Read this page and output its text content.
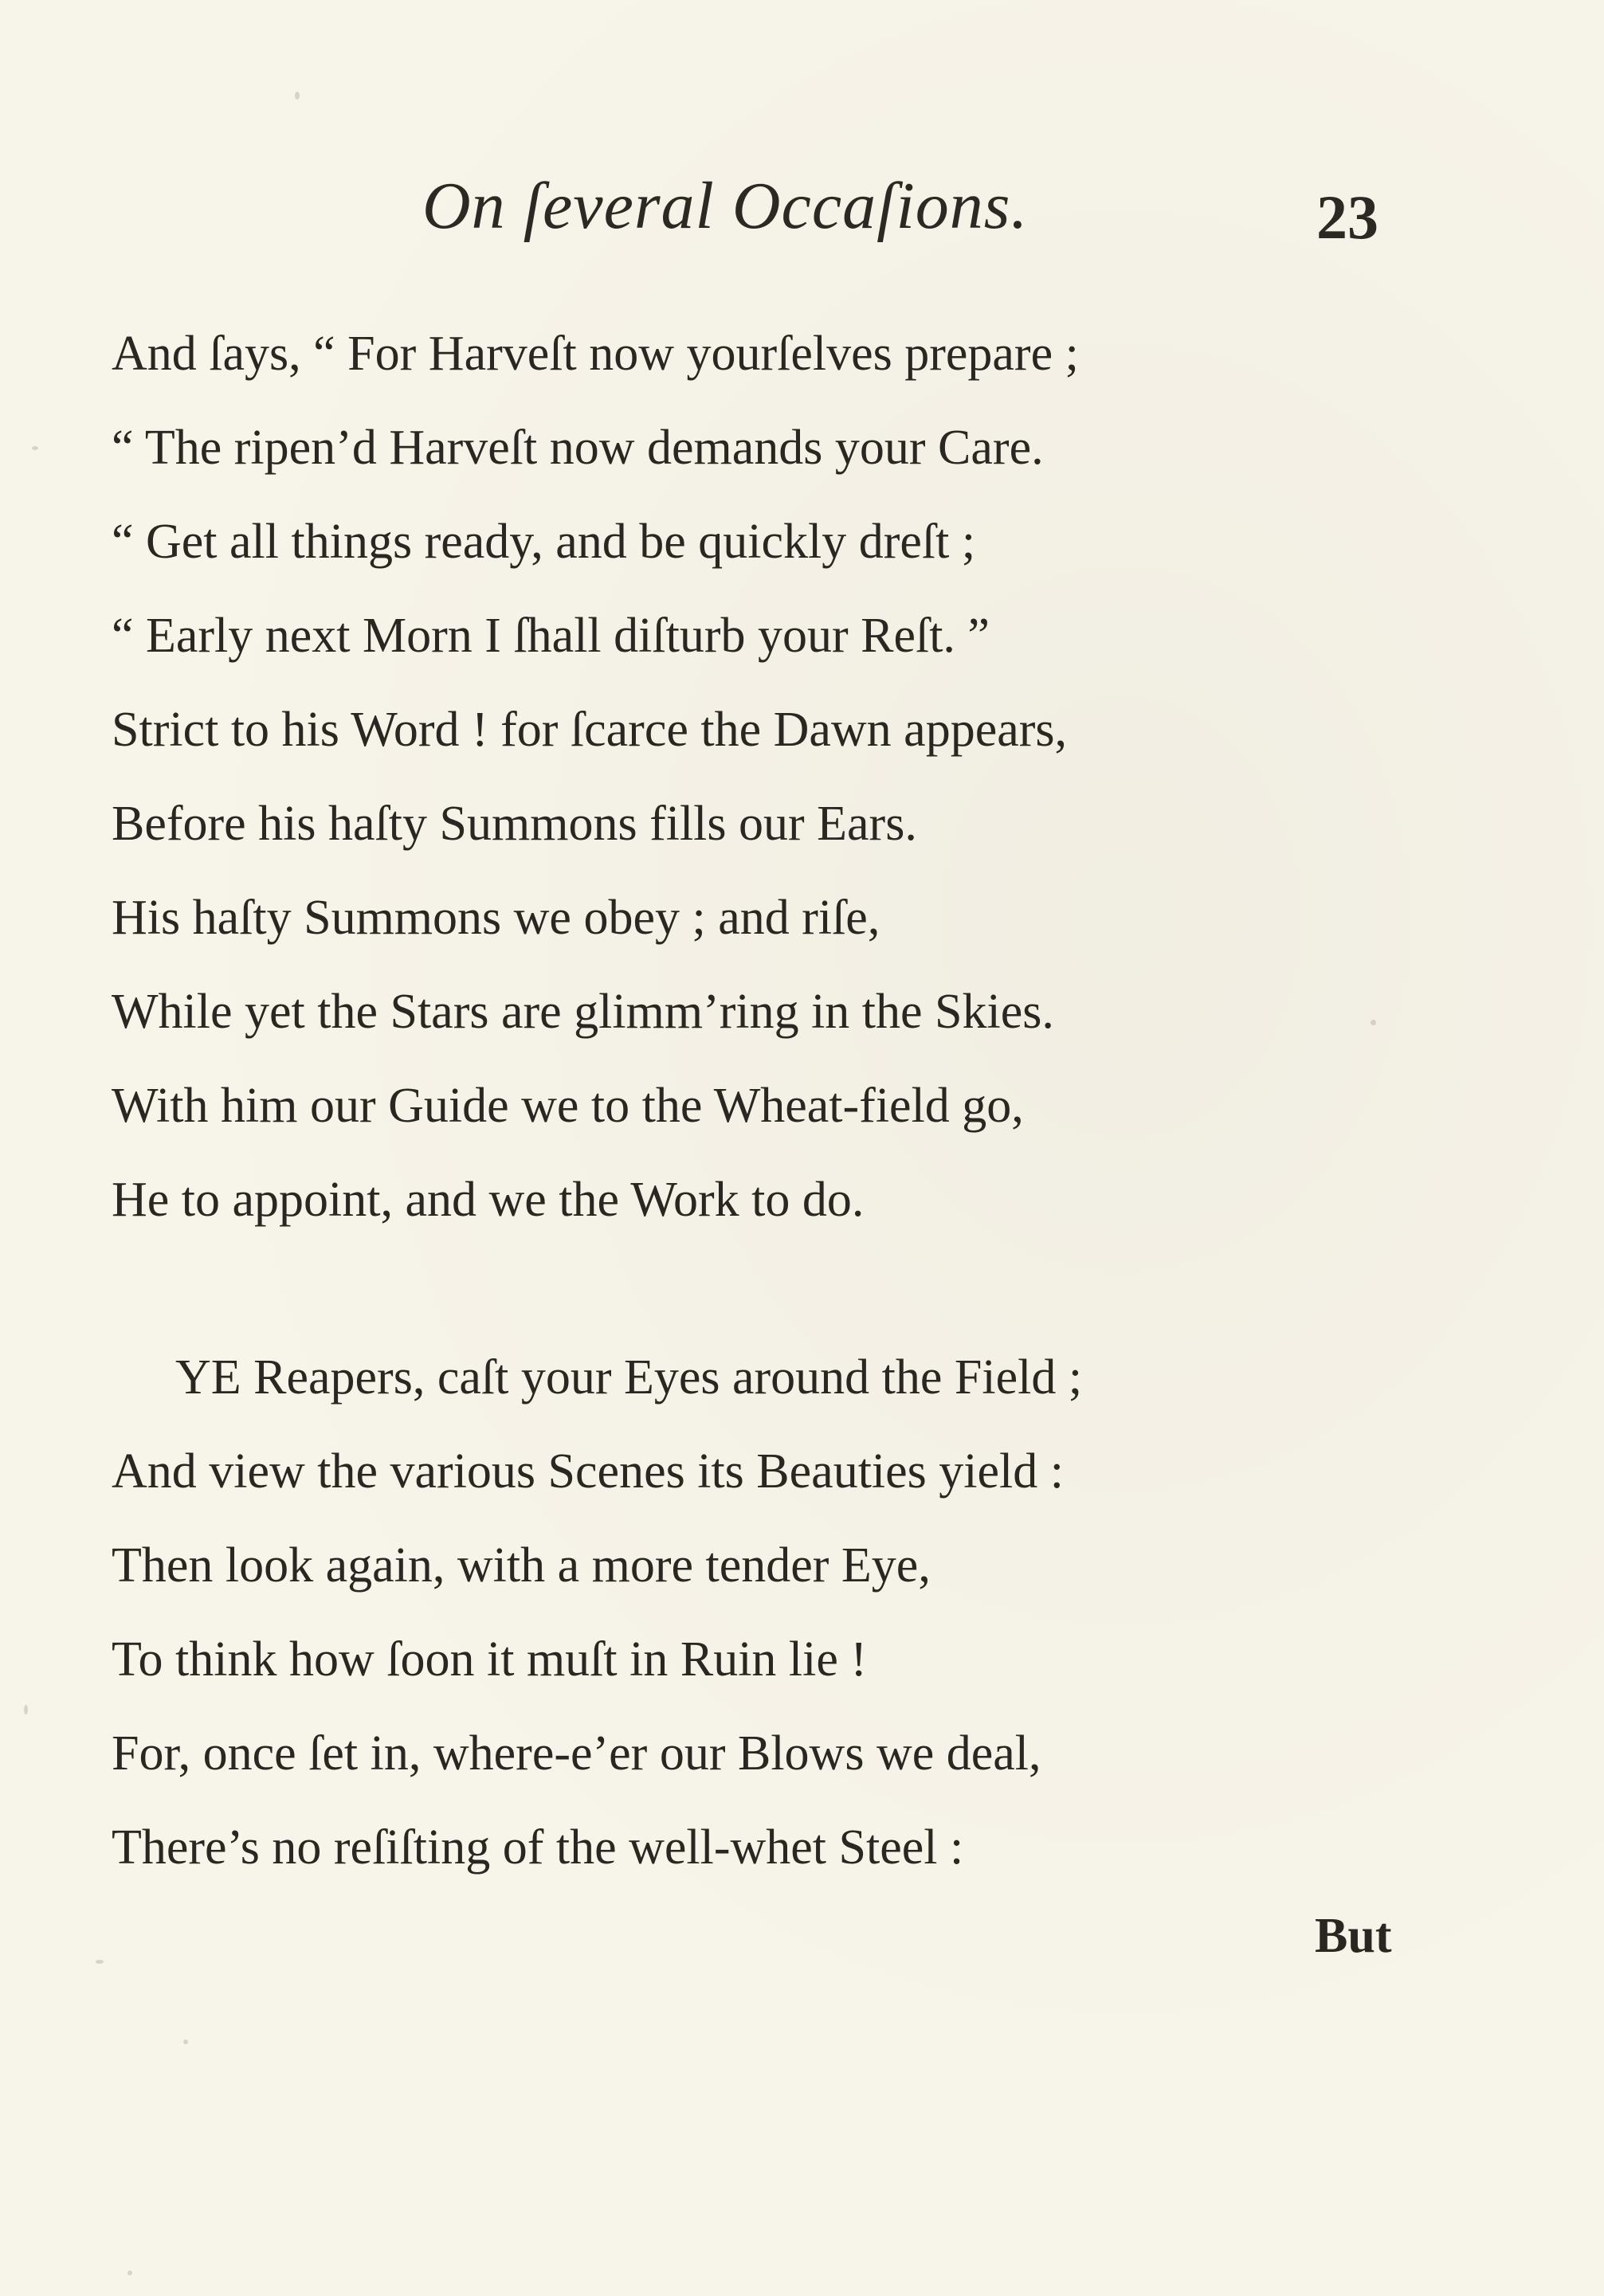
On ſeveral Occaſions.	23
And ſays, “ For Harveſt now yourſelves prepare ;
“ The ripen’d Harveſt now demands your Care.
“ Get all things ready, and be quickly dreſt ;
“ Early next Morn I ſhall diſturb your Reſt. ”
Strict to his Word ! for ſcarce the Dawn appears,
Before his haſty Summons fills our Ears.
His haſty Summons we obey ; and riſe,
While yet the Stars are glimm’ring in the Skies.
With him our Guide we to the Wheat-field go,
He to appoint, and we the Work to do.
YE Reapers, caſt your Eyes around the Field ;
And view the various Scenes its Beauties yield :
Then look again, with a more tender Eye,
To think how ſoon it muſt in Ruin lie !
For, once ſet in, where-e’er our Blows we deal,
There’s no reſiſting of the well-whet Steel :
But
